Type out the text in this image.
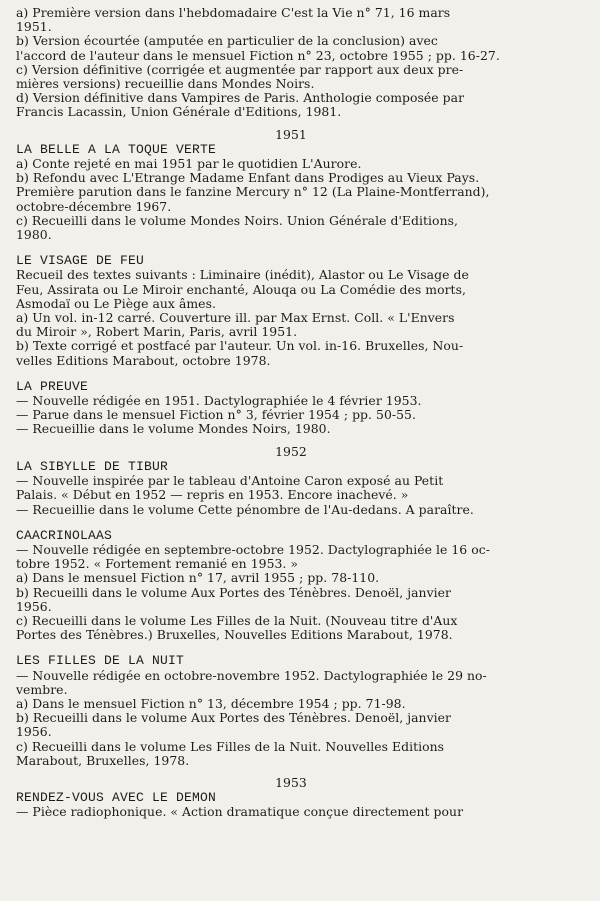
a) Première version dans l'hebdomadaire C'est la Vie n° 71, 16 mars
1951.
b) Version écourtée (amputée en particulier de la conclusion) avec
l'accord de l'auteur dans le mensuel Fiction n° 23, octobre 1955 ; pp. 16-27.
c) Version définitive (corrigée et augmentée par rapport aux deux pre-
mières versions) recueillie dans Mondes Noirs.
d) Version définitive dans Vampires de Paris. Anthologie composée par
Francis Lacassin, Union Générale d'Editions, 1981.
1951
LA BELLE A LA TOQUE VERTE
a) Conte rejeté en mai 1951 par le quotidien L'Aurore.
b) Refondu avec L'Etrange Madame Enfant dans Prodiges au Vieux Pays.
Première parution dans le fanzine Mercury n° 12 (La Plaine-Montferrand),
octobre-décembre 1967.
c) Recueilli dans le volume Mondes Noirs. Union Générale d'Editions,
1980.
LE VISAGE DE FEU
Recueil des textes suivants : Liminaire (inédit), Alastor ou Le Visage de
Feu, Assirata ou Le Miroir enchanté, Alouqa ou La Comédie des morts,
Asmodaï ou Le Piège aux âmes.
a) Un vol. in-12 carré. Couverture ill. par Max Ernst. Coll. « L'Envers
du Miroir », Robert Marin, Paris, avril 1951.
b) Texte corrigé et postfacé par l'auteur. Un vol. in-16. Bruxelles, Nou-
velles Editions Marabout, octobre 1978.
LA PREUVE
— Nouvelle rédigée en 1951. Dactylographiée le 4 février 1953.
— Parue dans le mensuel Fiction n° 3, février 1954 ; pp. 50-55.
— Recueillie dans le volume Mondes Noirs, 1980.
1952
LA SIBYLLE DE TIBUR
— Nouvelle inspirée par le tableau d'Antoine Caron exposé au Petit
Palais. « Début en 1952 — repris en 1953. Encore inachevé. »
— Recueillie dans le volume Cette pénombre de l'Au-dedans. A paraître.
CAACRINOLAAS
— Nouvelle rédigée en septembre-octobre 1952. Dactylographiée le 16 oc-
tobre 1952. « Fortement remanié en 1953. »
a) Dans le mensuel Fiction n° 17, avril 1955 ; pp. 78-110.
b) Recueilli dans le volume Aux Portes des Ténèbres. Denoël, janvier
1956.
c) Recueilli dans le volume Les Filles de la Nuit. (Nouveau titre d'Aux
Portes des Ténèbres.) Bruxelles, Nouvelles Editions Marabout, 1978.
LES FILLES DE LA NUIT
— Nouvelle rédigée en octobre-novembre 1952. Dactylographiée le 29 no-
vembre.
a) Dans le mensuel Fiction n° 13, décembre 1954 ; pp. 71-98.
b) Recueilli dans le volume Aux Portes des Ténèbres. Denoël, janvier
1956.
c) Recueilli dans le volume Les Filles de la Nuit. Nouvelles Editions
Marabout, Bruxelles, 1978.
1953
RENDEZ-VOUS AVEC LE DEMON
— Pièce radiophonique. « Action dramatique conçue directement pour
